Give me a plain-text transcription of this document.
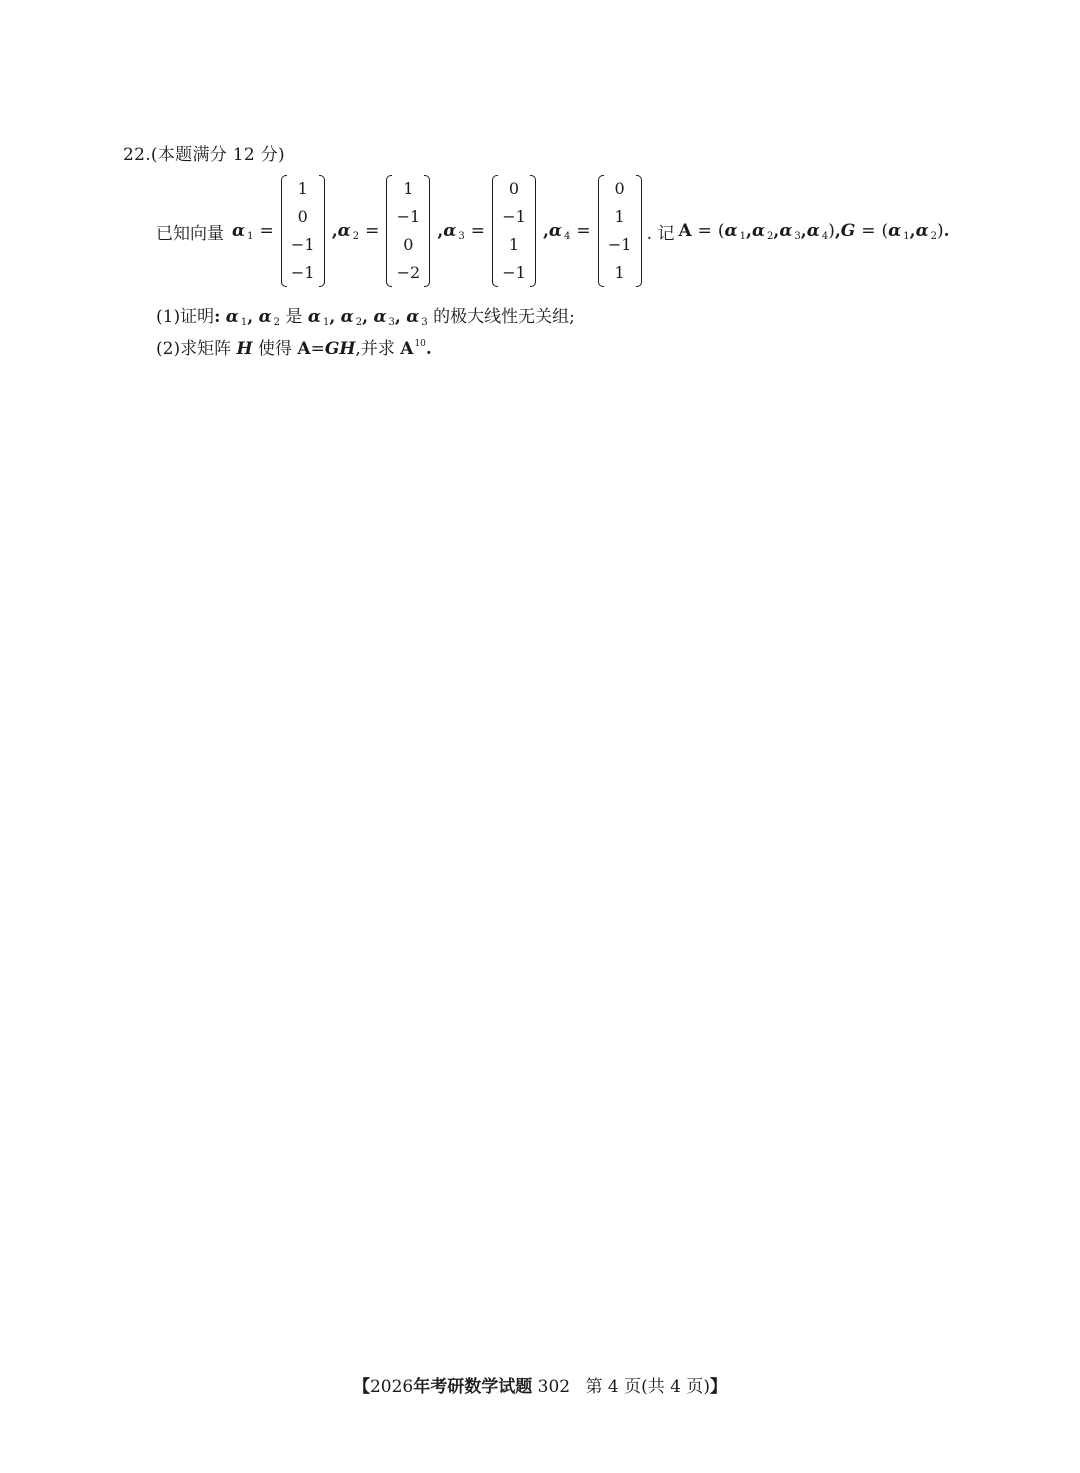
22.(本题满分 12 分)
已知向量 α $_1$ =
1
0
−1
−1
, α $_2$ =
1
−1
0
−2
, α $_3$ =
0
−1
1
−1
, α $_4$ =
0
1
−1
1
. 记 A = ( α $_1$ , α $_2$ , α $_3$ , α $_4$ ) , G = ( α $_1$ , α $_2$ ) .
(1)证明: α $_1$, α $_2$ 是 α $_1$, α $_2$, α $_3$, α $_3$ 的极大线性无关组;
(2)求矩阵 H 使得 A=GH,并求 $A^{10}$.
【2026年考研数学试题 302 第 4 页(共 4 页)】
